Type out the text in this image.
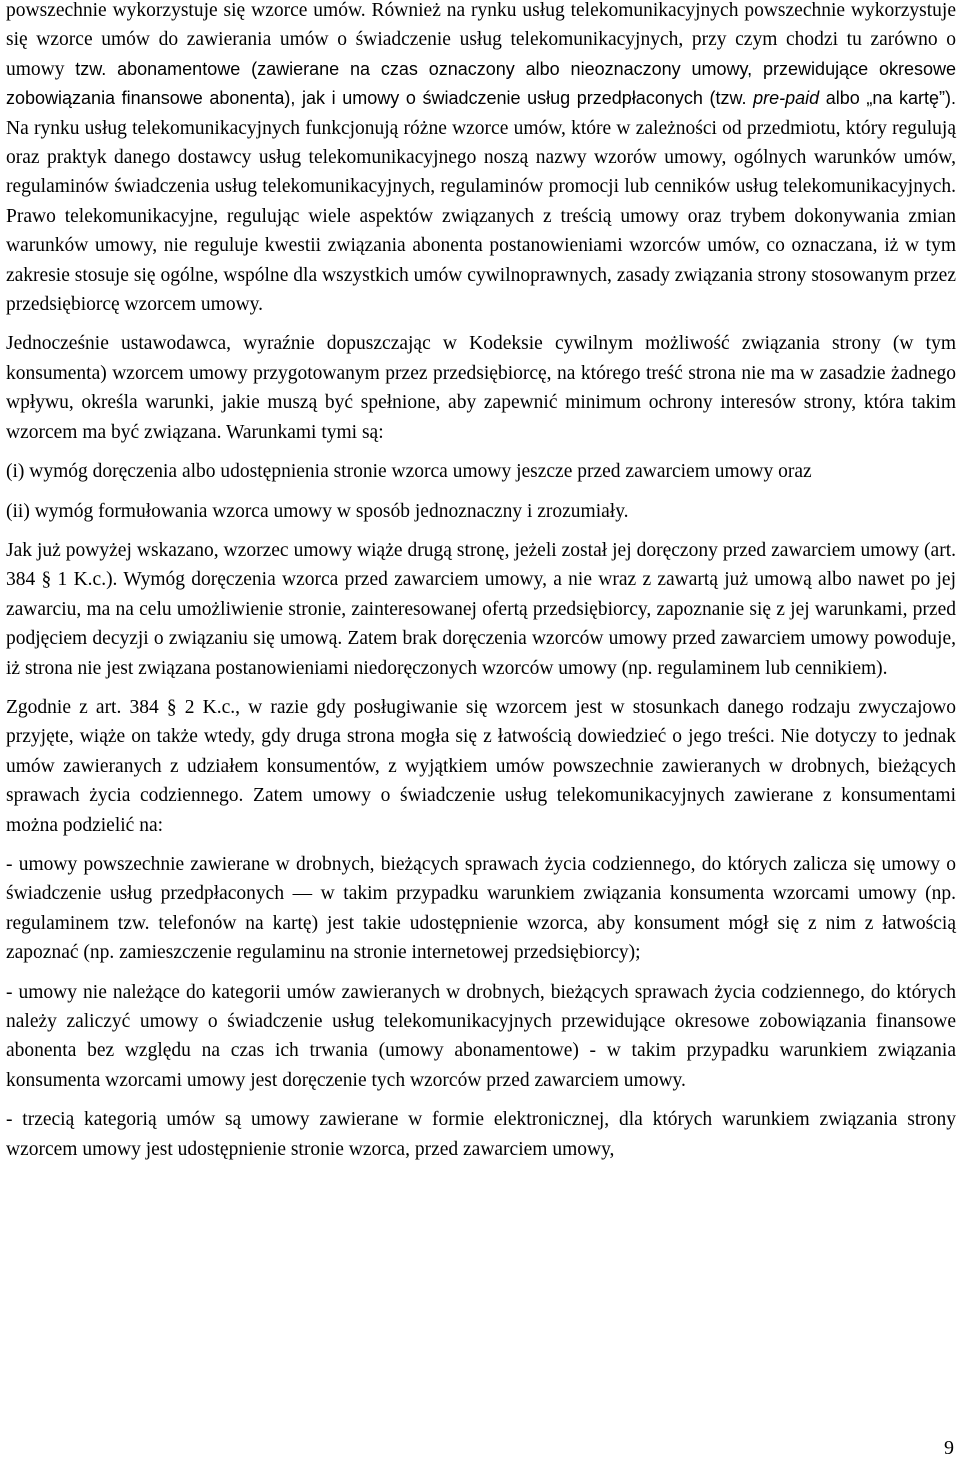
powszechnie wykorzystuje się wzorce umów. Również na rynku usług telekomunikacyjnych powszechnie wykorzystuje się wzorce umów do zawierania umów o świadczenie usług telekomunikacyjnych, przy czym chodzi tu zarówno o umowy tzw. abonamentowe (zawierane na czas oznaczony albo nieoznaczony umowy, przewidujące okresowe zobowiązania finansowe abonenta), jak i umowy o świadczenie usług przedpłaconych (tzw. pre-paid albo „na kartę”). Na rynku usług telekomunikacyjnych funkcjonują różne wzorce umów, które w zależności od przedmiotu, który regulują oraz praktyk danego dostawcy usług telekomunikacyjnego noszą nazwy wzorów umowy, ogólnych warunków umów, regulaminów świadczenia usług telekomunikacyjnych, regulaminów promocji lub cenników usług telekomunikacyjnych. Prawo telekomunikacyjne, regulując wiele aspektów związanych z treścią umowy oraz trybem dokonywania zmian warunków umowy, nie reguluje kwestii związania abonenta postanowieniami wzorców umów, co oznaczana, iż w tym zakresie stosuje się ogólne, wspólne dla wszystkich umów cywilnoprawnych, zasady związania strony stosowanym przez przedsiębiorcę wzorcem umowy.

Jednocześnie ustawodawca, wyraźnie dopuszczając w Kodeksie cywilnym możliwość związania strony (w tym konsumenta) wzorcem umowy przygotowanym przez przedsiębiorcę, na którego treść strona nie ma w zasadzie żadnego wpływu, określa warunki, jakie muszą być spełnione, aby zapewnić minimum ochrony interesów strony, która takim wzorcem ma być związana. Warunkami tymi są:

(i) wymóg doręczenia albo udostępnienia stronie wzorca umowy jeszcze przed zawarciem umowy oraz

(ii) wymóg formułowania wzorca umowy w sposób jednoznaczny i zrozumiały.

Jak już powyżej wskazano, wzorzec umowy wiąże drugą stronę, jeżeli został jej doręczony przed zawarciem umowy (art. 384 § 1 K.c.). Wymóg doręczenia wzorca przed zawarciem umowy, a nie wraz z zawartą już umową albo nawet po jej zawarciu, ma na celu umożliwienie stronie, zainteresowanej ofertą przedsiębiorcy, zapoznanie się z jej warunkami, przed podjęciem decyzji o związaniu się umową. Zatem brak doręczenia wzorców umowy przed zawarciem umowy powoduje, iż strona nie jest związana postanowieniami niedoręczonych wzorców umowy (np. regulaminem lub cennikiem).

Zgodnie z art. 384 § 2 K.c., w razie gdy posługiwanie się wzorcem jest w stosunkach danego rodzaju zwyczajowo przyjęte, wiąże on także wtedy, gdy druga strona mogła się z łatwością dowiedzieć o jego treści. Nie dotyczy to jednak umów zawieranych z udziałem konsumentów, z wyjątkiem umów powszechnie zawieranych w drobnych, bieżących sprawach życia codziennego. Zatem umowy o świadczenie usług telekomunikacyjnych zawierane z konsumentami można podzielić na:

- umowy powszechnie zawierane w drobnych, bieżących sprawach życia codziennego, do których zalicza się umowy o świadczenie usług przedpłaconych — w takim przypadku warunkiem związania konsumenta wzorcami umowy (np. regulaminem tzw. telefonów na kartę) jest takie udostępnienie wzorca, aby konsument mógł się z nim z łatwością zapoznać (np. zamieszczenie regulaminu na stronie internetowej przedsiębiorcy);

- umowy nie należące do kategorii umów zawieranych w drobnych, bieżących sprawach życia codziennego, do których należy zaliczyć umowy o świadczenie usług telekomunikacyjnych przewidujące okresowe zobowiązania finansowe abonenta bez względu na czas ich trwania (umowy abonamentowe) - w takim przypadku warunkiem związania konsumenta wzorcami umowy jest doręczenie tych wzorców przed zawarciem umowy.

- trzecią kategorią umów są umowy zawierane w formie elektronicznej, dla których warunkiem związania strony wzorcem umowy jest udostępnienie stronie wzorca, przed zawarciem umowy,

9
